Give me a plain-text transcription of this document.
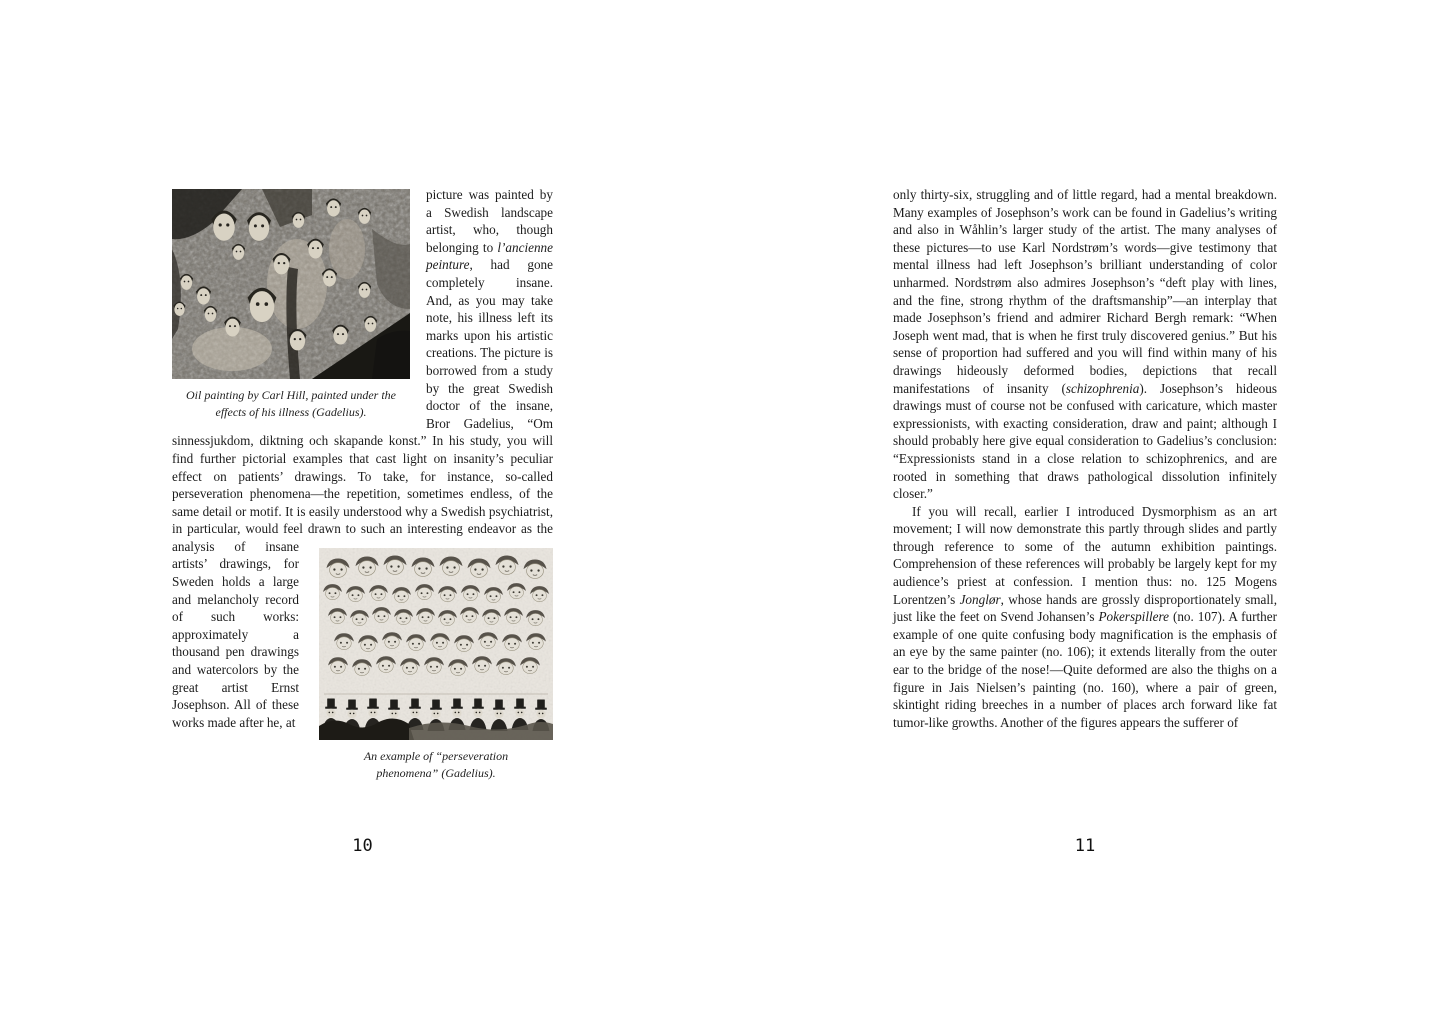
Oil painting by Carl Hill, painted under the
effects of his illness (Gadelius).
picture was painted by a Swedish landscape artist, who, though belonging to l’ancienne peinture, had gone completely insane. And, as you may take note, his illness left its marks upon his artistic creations. The picture is borrowed from a study by the great Swedish doctor of the insane, Bror Gadelius, “Om sinnessjukdom, diktning och skapande konst.” In his study, you will find further pictorial examples that cast light on insanity’s peculiar effect on patients’ drawings. To take, for instance, so-called perseveration phenomena—the repetition, sometimes endless, of the same detail or motif. It is easily understood why a Swedish psychiatrist, in particular, would feel drawn to such an
An example of “perseveration
phenomena” (Gadelius).
interesting endeavor as the analysis of insane artists’ drawings, for Sweden holds a large and melancholy record of such works: approximately a thousand pen drawings and watercolors by the great artist Ernst Josephson. All of these works made after he, at

only thirty-six, struggling and of little regard, had a mental breakdown. Many examples of Josephson’s work can be found in Gadelius’s writing and also in Wåhlin’s larger study of the artist. The many analyses of these pictures—to use Karl Nordstrøm’s words—give testimony that mental illness had left Josephson’s brilliant understanding of color unharmed. Nordstrøm also admires Josephson’s “deft play with lines, and the fine, strong rhythm of the draftsmanship”—an interplay that made Josephson’s friend and admirer Richard Bergh remark: “When Joseph went mad, that is when he first truly discovered genius.” But his sense of proportion had suffered and you will find within many of his drawings hideously deformed bodies, depictions that recall manifestations of insanity (schizophrenia). Josephson’s hideous drawings must of course not be confused with caricature, which master expressionists, with exacting consideration, draw and paint; although I should probably here give equal consideration to Gadelius’s conclusion: “Expressionists stand in a close relation to schizophrenics, and are rooted in something that draws pathological dissolution infinitely closer.”

If you will recall, earlier I introduced Dysmorphism as an art movement; I will now demonstrate this partly through slides and partly through reference to some of the autumn exhibition paintings. Comprehension of these references will probably be largely kept for my audience’s priest at confession. I mention thus: no. 125 Mogens Lorentzen’s Jonglør, whose hands are grossly disproportionately small, just like the feet on Svend Johansen’s Pokerspillere (no. 107). A further example of one quite confusing body magnification is the emphasis of an eye by the same painter (no. 106); it extends literally from the outer ear to the bridge of the nose!—Quite deformed are also the thighs on a figure in Jais Nielsen’s painting (no. 160), where a pair of green, skintight riding breeches in a number of places arch forward like fat tumor-like growths. Another of the figures appears the sufferer of

10	11
